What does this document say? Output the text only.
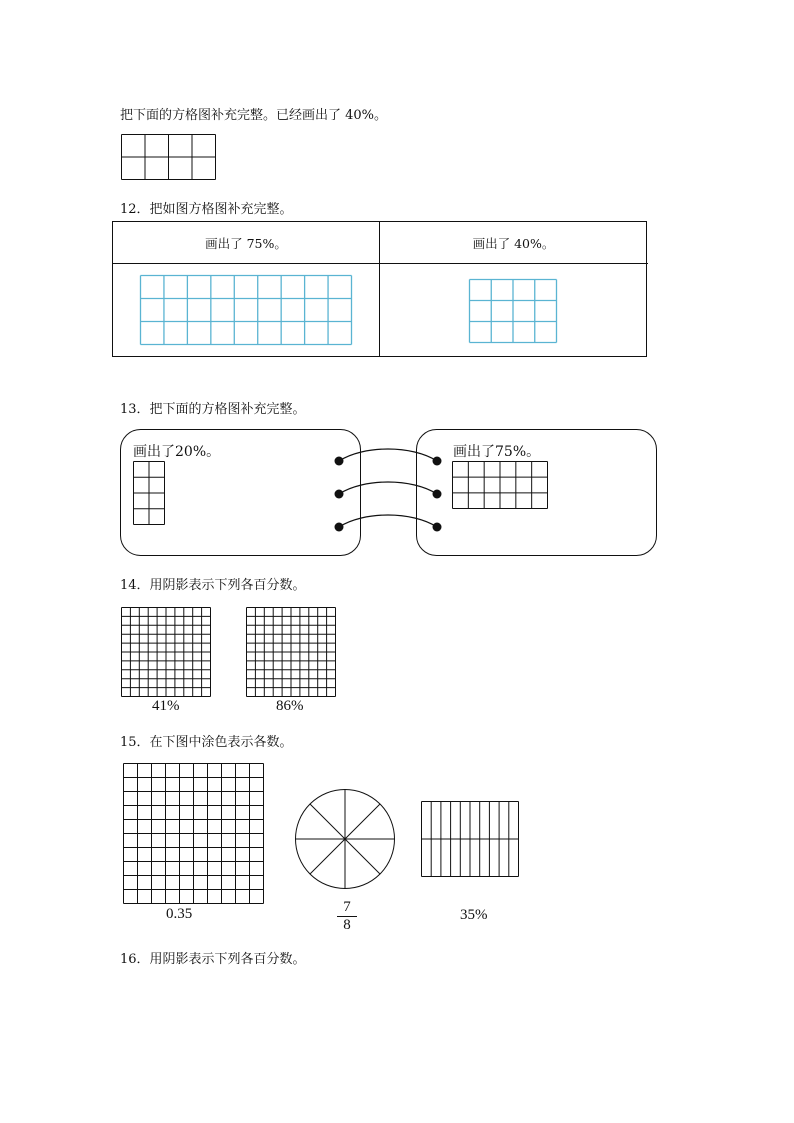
把下面的方格图补充完整。已经画出了 40%。
12．把如图方格图补充完整。
画出了 75%。	画出了 40%。
13．把下面的方格图补充完整。
画出了20%。	画出了75%。
14．用阴影表示下列各百分数。
41%	86%
15．在下图中涂色表示各数。
0.35	7
8
35%
16．用阴影表示下列各百分数。
